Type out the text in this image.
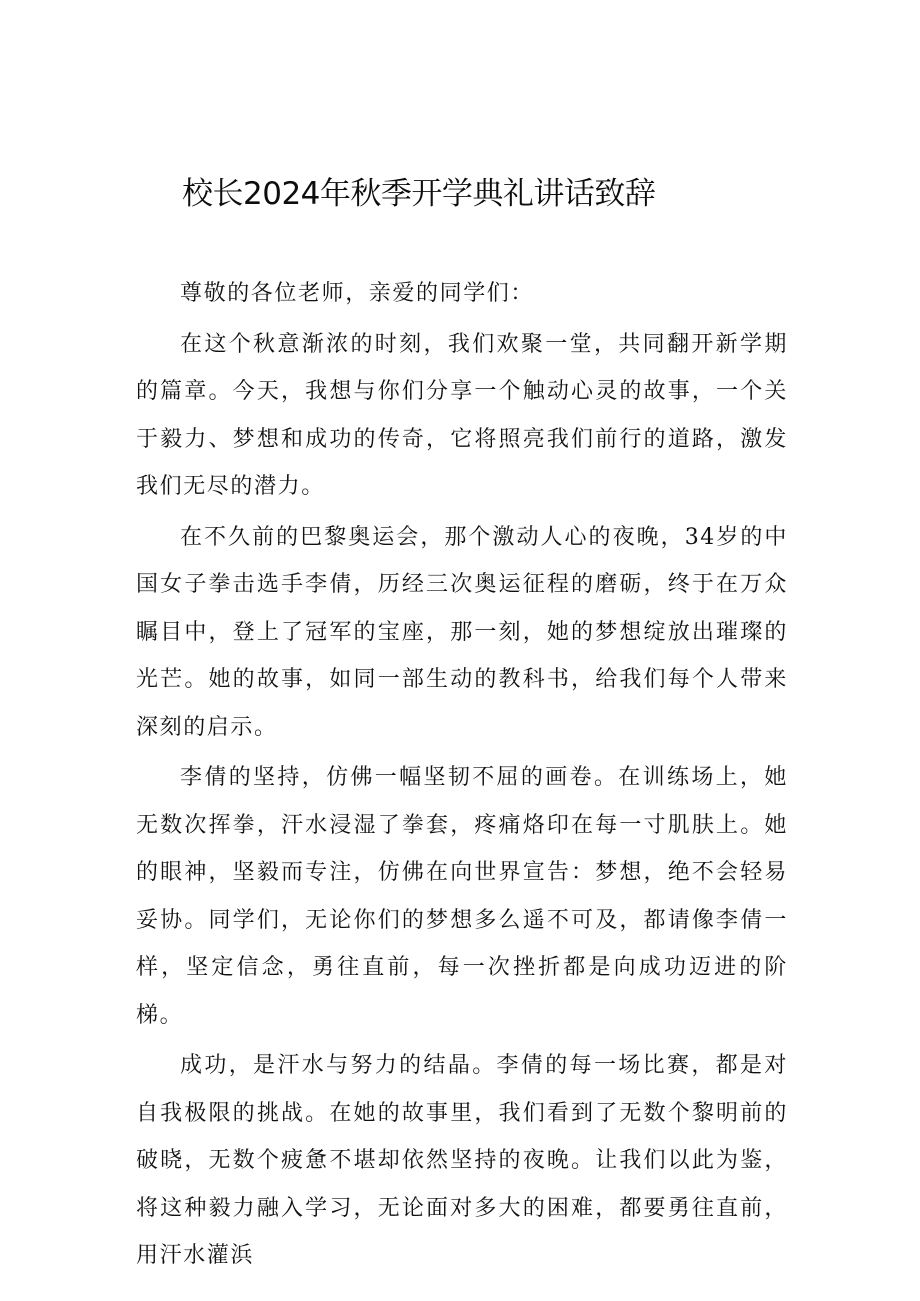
校长2024年秋季开学典礼讲话致辞

尊敬的各位老师，亲爱的同学们：

在这个秋意渐浓的时刻，我们欢聚一堂，共同翻开新学期的篇章。今天，我想与你们分享一个触动心灵的故事，一个关于毅力、梦想和成功的传奇，它将照亮我们前行的道路，激发我们无尽的潜力。

在不久前的巴黎奥运会，那个激动人心的夜晚，34岁的中国女子拳击选手李倩，历经三次奥运征程的磨砺，终于在万众瞩目中，登上了冠军的宝座，那一刻，她的梦想绽放出璀璨的光芒。她的故事，如同一部生动的教科书，给我们每个人带来深刻的启示。

李倩的坚持，仿佛一幅坚韧不屈的画卷。在训练场上，她无数次挥拳，汗水浸湿了拳套，疼痛烙印在每一寸肌肤上。她的眼神，坚毅而专注，仿佛在向世界宣告：梦想，绝不会轻易妥协。同学们，无论你们的梦想多么遥不可及，都请像李倩一样，坚定信念，勇往直前，每一次挫折都是向成功迈进的阶梯。

成功，是汗水与努力的结晶。李倩的每一场比赛，都是对自我极限的挑战。在她的故事里，我们看到了无数个黎明前的破晓，无数个疲惫不堪却依然坚持的夜晚。让我们以此为鉴，将这种毅力融入学习，无论面对多大的困难，都要勇往直前，用汗水灌浜
